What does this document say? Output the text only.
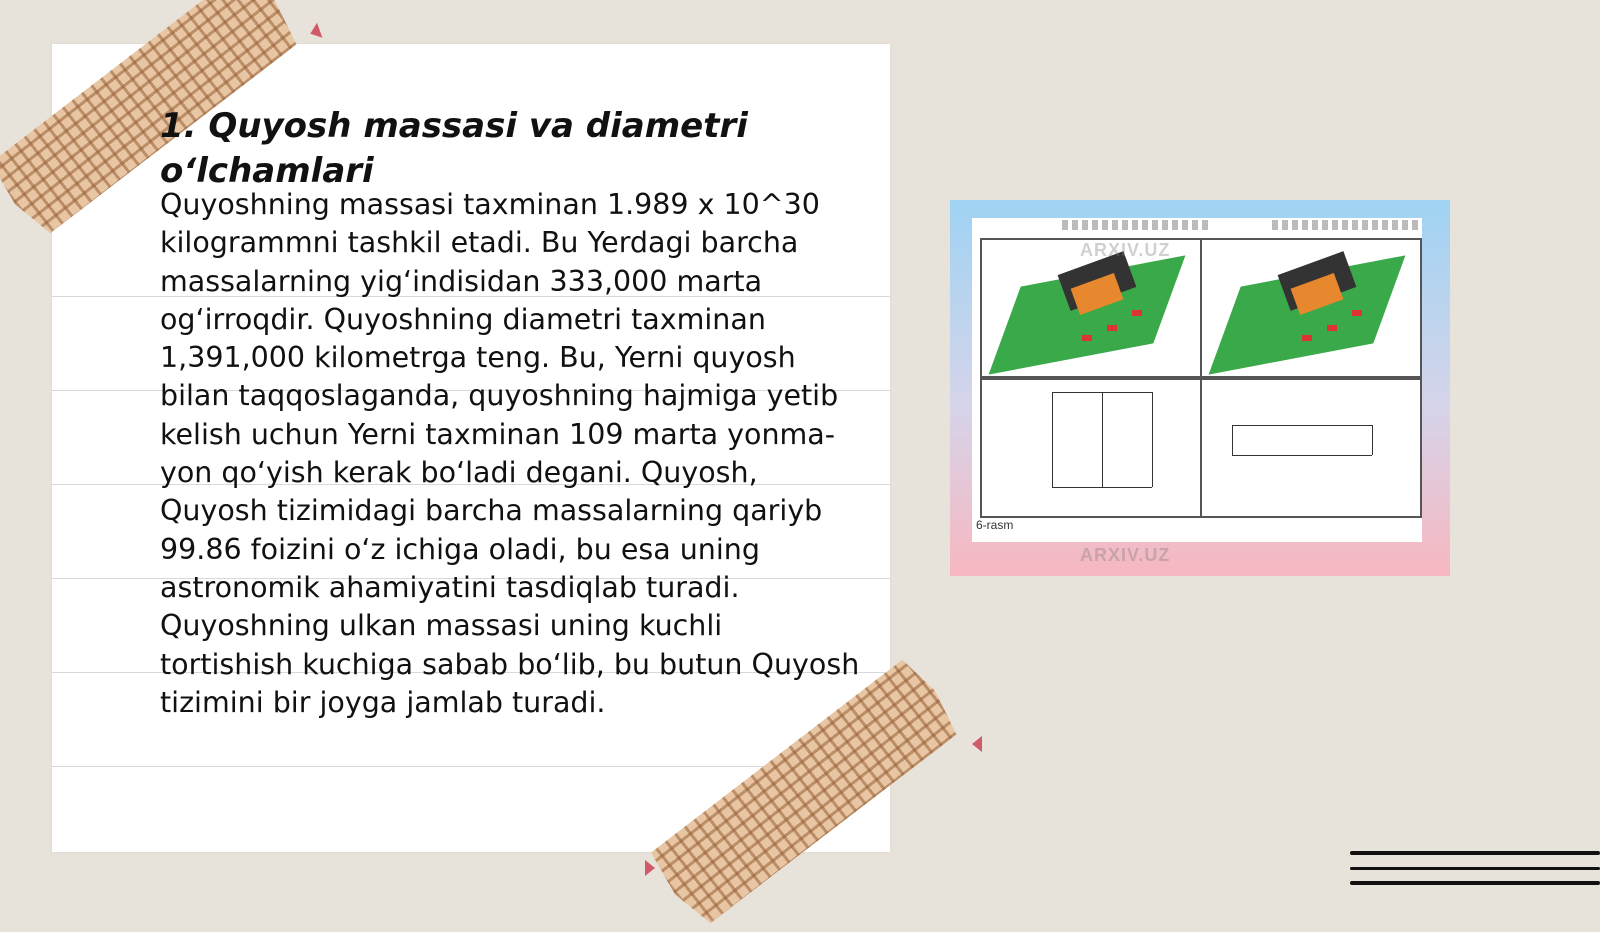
1. Quyosh massasi va diametri o‘lchamlari

Quyoshning massasi taxminan 1.989 x 10^30 kilogrammni tashkil etadi. Bu Yerdagi barcha massalarning yig‘indisidan 333,000 marta og‘irroqdir. Quyoshning diametri taxminan 1,391,000 kilometrga teng. Bu, Yerni quyosh bilan taqqoslaganda, quyoshning hajmiga yetib kelish uchun Yerni taxminan 109 marta yonma-yon qo‘yish kerak bo‘ladi degani. Quyosh, Quyosh tizimidagi barcha massalarning qariyb 99.86 foizini o‘z ichiga oladi, bu esa uning astronomik ahamiyatini tasdiqlab turadi. Quyoshning ulkan massasi uning kuchli tortishish kuchiga sabab bo‘lib, bu butun Quyosh tizimini bir joyga jamlab turadi.

6-rasm
ARXIV.UZ
ARXIV.UZ
